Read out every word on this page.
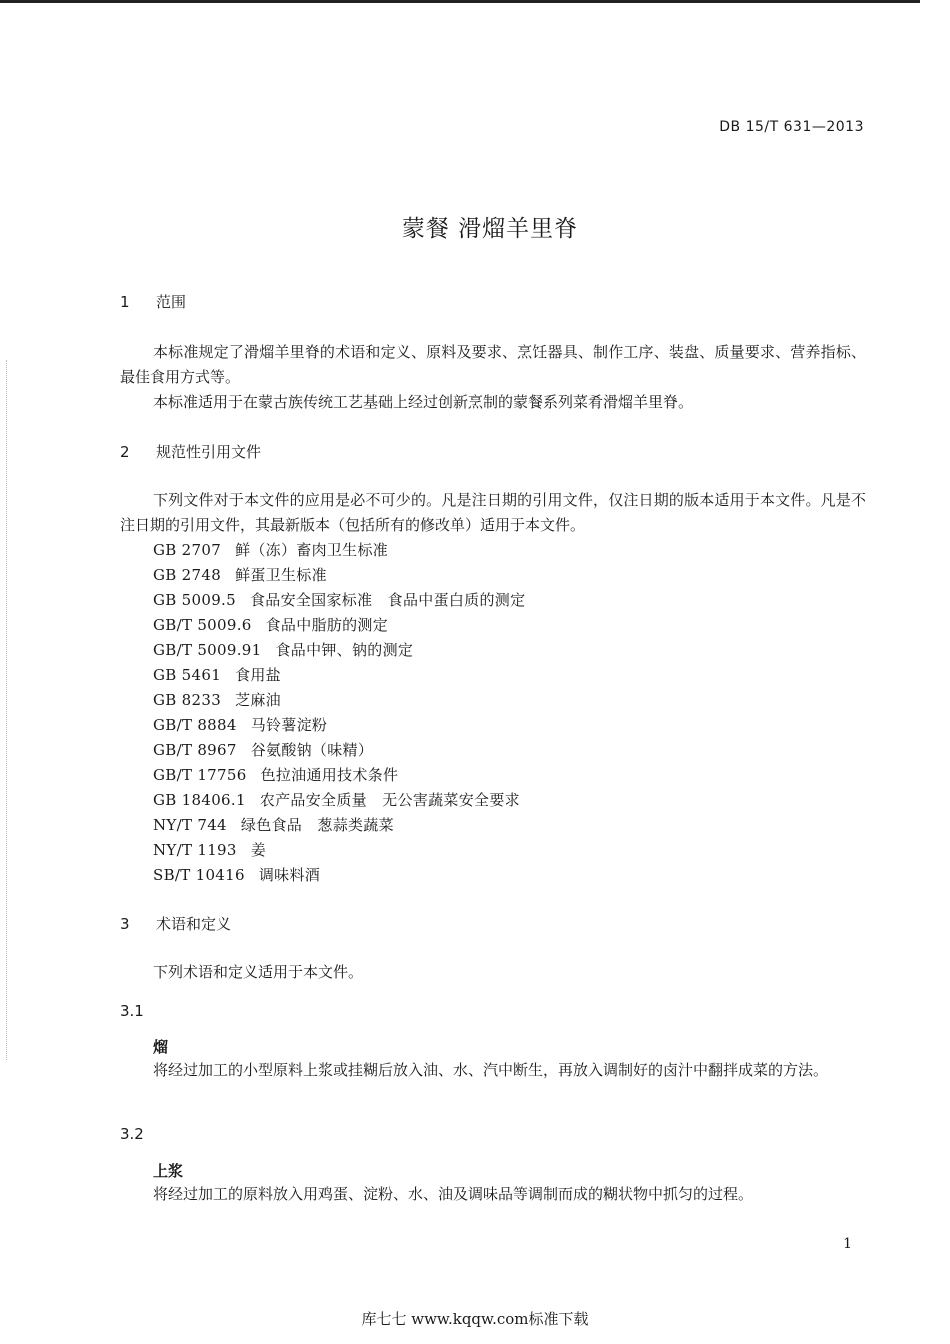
DB 15/T 631—2013
蒙餐 滑熘羊里脊
1 范围
本标准规定了滑熘羊里脊的术语和定义、原料及要求、烹饪器具、制作工序、装盘、质量要求、营养指标、最佳食用方式等。
本标准适用于在蒙古族传统工艺基础上经过创新烹制的蒙餐系列菜肴滑熘羊里脊。
2 规范性引用文件
下列文件对于本文件的应用是必不可少的。凡是注日期的引用文件，仅注日期的版本适用于本文件。凡是不注日期的引用文件，其最新版本（包括所有的修改单）适用于本文件。
GB 2707 鲜（冻）畜肉卫生标准
GB 2748 鲜蛋卫生标准
GB 5009.5 食品安全国家标准　食品中蛋白质的测定
GB/T 5009.6 食品中脂肪的测定
GB/T 5009.91 食品中钾、钠的测定
GB 5461 食用盐
GB 8233 芝麻油
GB/T 8884 马铃薯淀粉
GB/T 8967 谷氨酸钠（味精）
GB/T 17756 色拉油通用技术条件
GB 18406.1 农产品安全质量　无公害蔬菜安全要求
NY/T 744 绿色食品　葱蒜类蔬菜
NY/T 1193 姜
SB/T 10416 调味料酒
3 术语和定义
下列术语和定义适用于本文件。
3.1
熘
将经过加工的小型原料上浆或挂糊后放入油、水、汽中断生，再放入调制好的卤汁中翻拌成菜的方法。
3.2
上浆
将经过加工的原料放入用鸡蛋、淀粉、水、油及调味品等调制而成的糊状物中抓匀的过程。
1
库七七 www.kqqw.com标准下载
